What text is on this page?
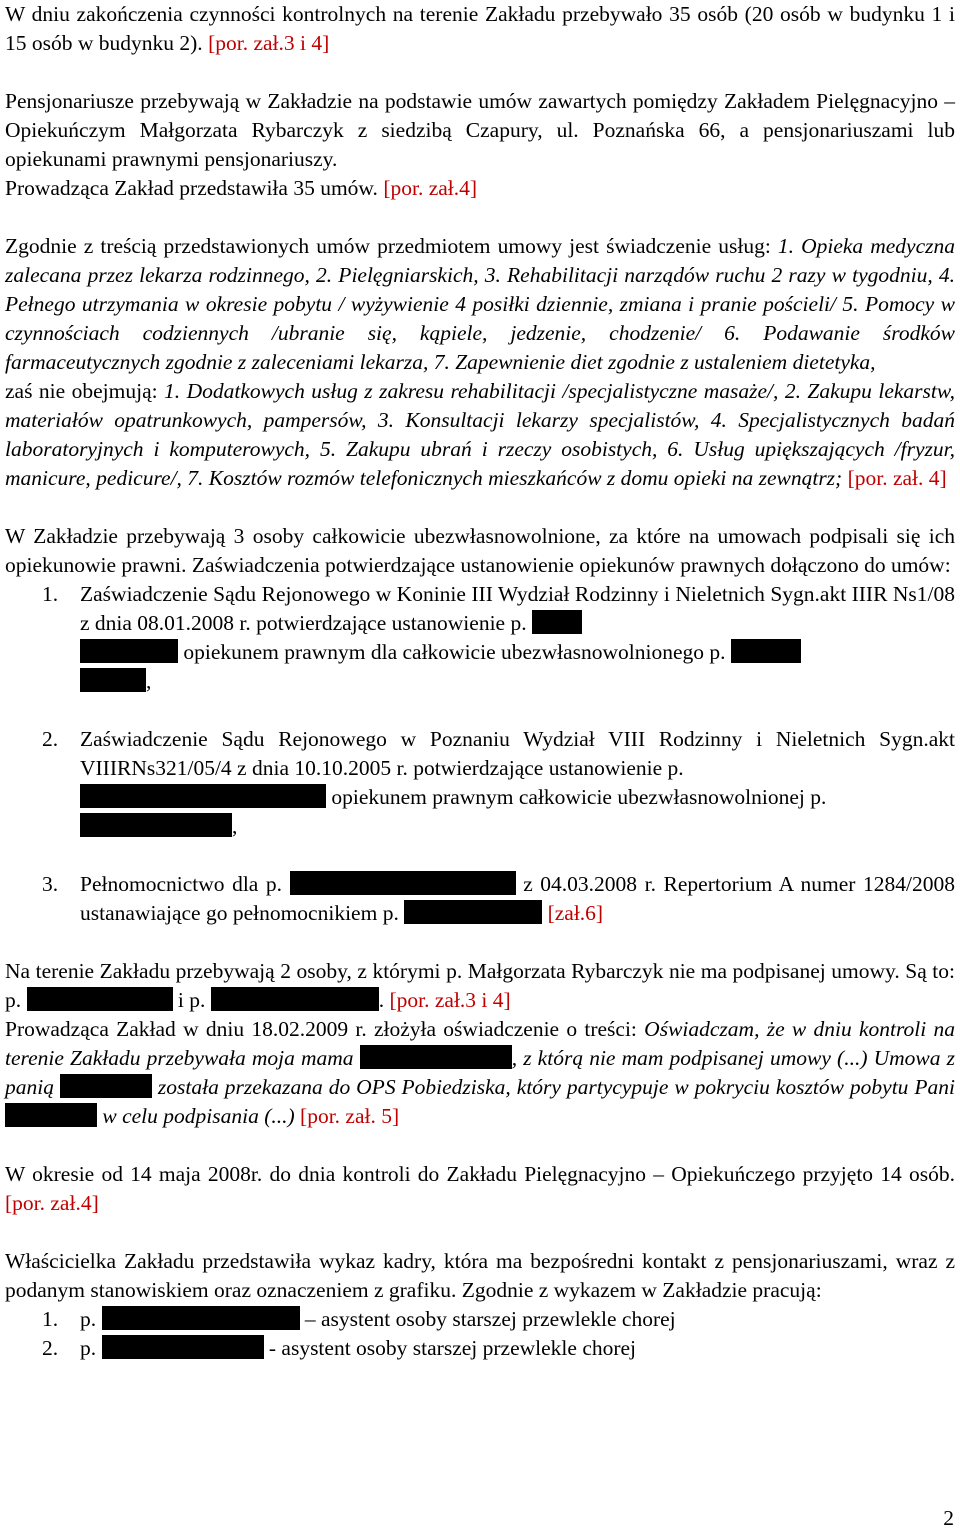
W dniu zakończenia czynności kontrolnych na terenie Zakładu przebywało 35 osób (20 osób w budynku 1 i 15 osób w budynku 2). [por. zał.3 i 4]

Pensjonariusze przebywają w Zakładzie na podstawie umów zawartych pomiędzy Zakładem Pielęgnacyjno – Opiekuńczym Małgorzata Rybarczyk z siedzibą Czapury, ul. Poznańska 66, a pensjonariuszami lub opiekunami prawnymi pensjonariuszy.

Prowadząca Zakład przedstawiła 35 umów. [por. zał.4]

Zgodnie z treścią przedstawionych umów przedmiotem umowy jest świadczenie usług: 1. Opieka medyczna zalecana przez lekarza rodzinnego, 2. Pielęgniarskich, 3. Rehabilitacji narządów ruchu 2 razy w tygodniu, 4. Pełnego utrzymania w okresie pobytu / wyżywienie 4 posiłki dziennie, zmiana i pranie pościeli/ 5. Pomocy w czynnościach codziennych /ubranie się, kąpiele, jedzenie, chodzenie/ 6. Podawanie środków farmaceutycznych zgodnie z zaleceniami lekarza, 7. Zapewnienie diet zgodnie z ustaleniem dietetyka,

zaś nie obejmują: 1. Dodatkowych usług z zakresu rehabilitacji /specjalistyczne masaże/, 2. Zakupu lekarstw, materiałów opatrunkowych, pampersów, 3. Konsultacji lekarzy specjalistów, 4. Specjalistycznych badań laboratoryjnych i komputerowych, 5. Zakupu ubrań i rzeczy osobistych, 6. Usług upiększających /fryzur, manicure, pedicure/, 7. Kosztów rozmów telefonicznych mieszkańców z domu opieki na zewnątrz; [por. zał. 4]

W Zakładzie przebywają 3 osoby całkowicie ubezwłasnowolnione, za które na umowach podpisali się ich opiekunowie prawni. Zaświadczenia potwierdzające ustanowienie opiekunów prawnych dołączono do umów:

1. Zaświadczenie Sądu Rejonowego w Koninie III Wydział Rodzinny i Nieletnich Sygn.akt IIIR Ns1/08 z dnia 08.01.2008 r. potwierdzające ustanowienie p.
opiekunem prawnym dla całkowicie ubezwłasnowolnionego p.
,
2. Zaświadczenie Sądu Rejonowego w Poznaniu Wydział VIII Rodzinny i Nieletnich Sygn.akt VIIIRNs321/05/4 z dnia 10.10.2005 r. potwierdzające ustanowienie p.
opiekunem prawnym całkowicie ubezwłasnowolnionej p.
,
3. Pełnomocnictwo dla p.	z 04.03.2008 r. Repertorium A numer 1284/2008 ustanawiające go pełnomocnikiem p.	[zał.6]

Na terenie Zakładu przebywają 2 osoby, z którymi p. Małgorzata Rybarczyk nie ma podpisanej umowy. Są to: p.	i p.	. [por. zał.3 i 4]

Prowadząca Zakład w dniu 18.02.2009 r. złożyła oświadczenie o treści: Oświadczam, że w dniu kontroli na terenie Zakładu przebywała moja mama	, z którą nie mam podpisanej umowy (...) Umowa z panią	została przekazana do OPS Pobiedziska, który partycypuje w pokryciu kosztów pobytu Pani  w celu podpisania (...) [por. zał. 5]

W okresie od 14 maja 2008r. do dnia kontroli do Zakładu Pielęgnacyjno – Opiekuńczego przyjęto 14 osób. [por. zał.4]

Właścicielka Zakładu przedstawiła wykaz kadry, która ma bezpośredni kontakt z pensjonariuszami, wraz z podanym stanowiskiem oraz oznaczeniem z grafiku. Zgodnie z wykazem w Zakładzie pracują:

1. p.	– asystent osoby starszej przewlekle chorej
2. p.	- asystent osoby starszej przewlekle chorej
2
